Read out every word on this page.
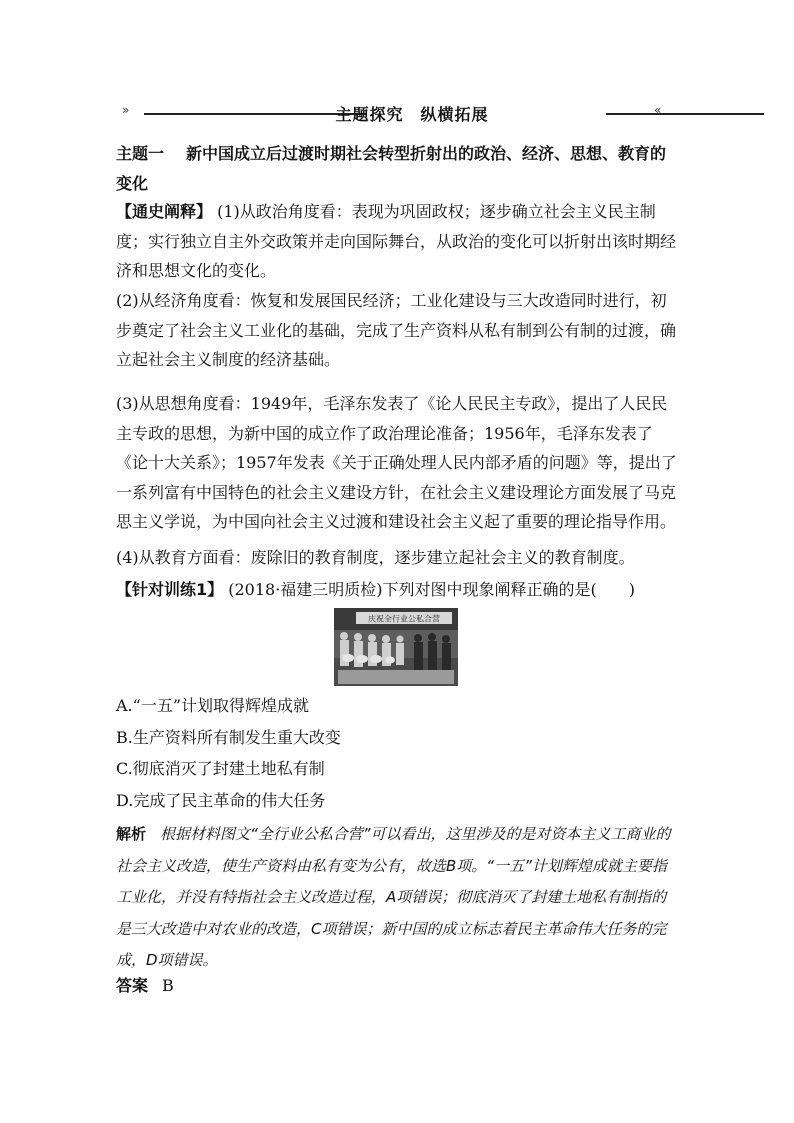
»	主题探究　纵横拓展	«
主题一 新中国成立后过渡时期社会转型折射出的政治、经济、思想、教育的变化
【通史阐释】 (1)从政治角度看：表现为巩固政权；逐步确立社会主义民主制度；实行独立自主外交政策并走向国际舞台，从政治的变化可以折射出该时期经济和思想文化的变化。
(2)从经济角度看：恢复和发展国民经济；工业化建设与三大改造同时进行，初步奠定了社会主义工业化的基础，完成了生产资料从私有制到公有制的过渡，确立起社会主义制度的经济基础。
(3)从思想角度看：1949年，毛泽东发表了《论人民民主专政》，提出了人民民主专政的思想，为新中国的成立作了政治理论准备；1956年，毛泽东发表了《论十大关系》；1957年发表《关于正确处理人民内部矛盾的问题》等，提出了一系列富有中国特色的社会主义建设方针，在社会主义建设理论方面发展了马克思主义学说，为中国向社会主义过渡和建设社会主义起了重要的理论指导作用。
(4)从教育方面看：废除旧的教育制度，逐步建立起社会主义的教育制度。
【针对训练1】 (2018·福建三明质检)下列对图中现象阐释正确的是(　　)
庆祝全行业公私合营
A.“一五”计划取得辉煌成就
B.生产资料所有制发生重大改变
C.彻底消灭了封建土地私有制
D.完成了民主革命的伟大任务
解析 根据材料图文“全行业公私合营”可以看出，这里涉及的是对资本主义工商业的社会主义改造，使生产资料由私有变为公有，故选B项。“一五”计划辉煌成就主要指工业化，并没有特指社会主义改造过程，A项错误；彻底消灭了封建土地私有制指的是三大改造中对农业的改造，C项错误；新中国的成立标志着民主革命伟大任务的完成，D项错误。
答案 B
